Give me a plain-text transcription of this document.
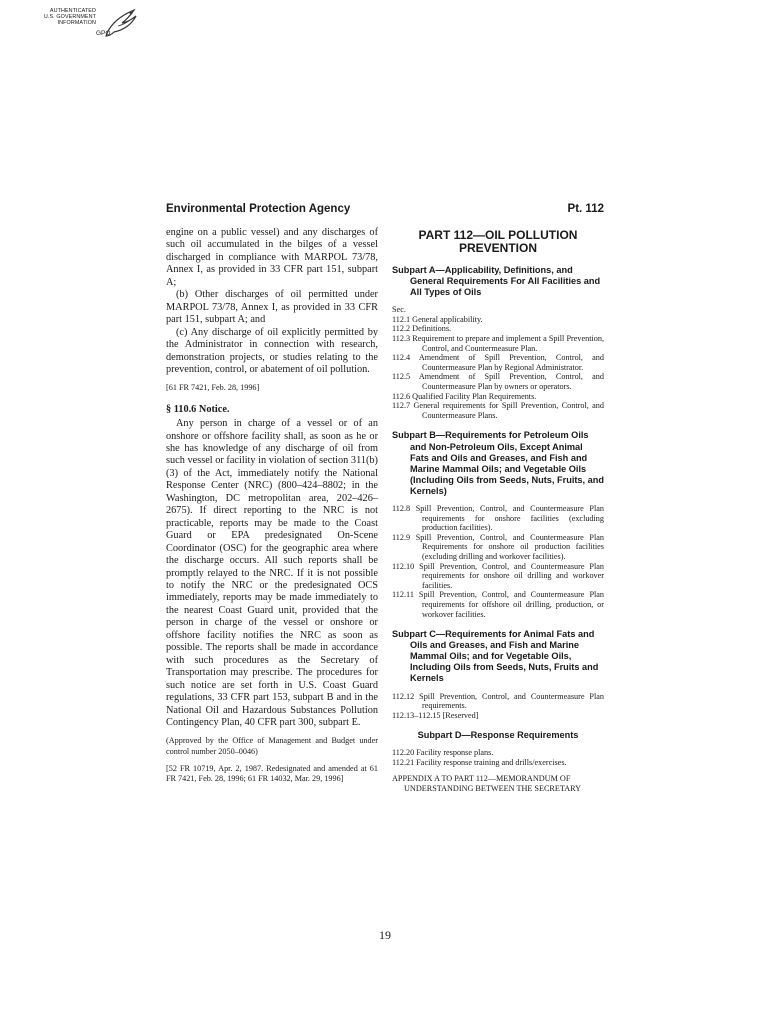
AUTHENTICATED
U.S. GOVERNMENT
INFORMATION
GPO
Environmental Protection Agency	Pt. 112

engine on a public vessel) and any discharges of such oil accumulated in the bilges of a vessel discharged in compliance with MARPOL 73/78, Annex I, as provided in 33 CFR part 151, subpart A;

(b) Other discharges of oil permitted under MARPOL 73/78, Annex I, as provided in 33 CFR part 151, subpart A; and

(c) Any discharge of oil explicitly permitted by the Administrator in connection with research, demonstration projects, or studies relating to the prevention, control, or abatement of oil pollution.

[61 FR 7421, Feb. 28, 1996]

§ 110.6 Notice.

Any person in charge of a vessel or of an onshore or offshore facility shall, as soon as he or she has knowledge of any discharge of oil from such vessel or facility in violation of section 311(b)(3) of the Act, immediately notify the National Response Center (NRC) (800–424–8802; in the Washington, DC metropolitan area, 202–426–2675). If direct reporting to the NRC is not practicable, reports may be made to the Coast Guard or EPA predesignated On-Scene Coordinator (OSC) for the geographic area where the discharge occurs. All such reports shall be promptly relayed to the NRC. If it is not possible to notify the NRC or the predesignated OCS immediately, reports may be made immediately to the nearest Coast Guard unit, provided that the person in charge of the vessel or onshore or offshore facility notifies the NRC as soon as possible. The reports shall be made in accordance with such procedures as the Secretary of Transportation may prescribe. The procedures for such notice are set forth in U.S. Coast Guard regulations, 33 CFR part 153, subpart B and in the National Oil and Hazardous Substances Pollution Contingency Plan, 40 CFR part 300, subpart E.

(Approved by the Office of Management and Budget under control number 2050–0046)

[52 FR 10719, Apr. 2, 1987. Redesignated and amended at 61 FR 7421, Feb. 28, 1996; 61 FR 14032, Mar. 29, 1996]

PART 112—OIL POLLUTION
PREVENTION
Subpart A—Applicability, Definitions, and General Requirements For All Facilities and All Types of Oils
Sec.
112.1 General applicability.
112.2 Definitions.
112.3 Requirement to prepare and implement a Spill Prevention, Control, and Countermeasure Plan.
112.4 Amendment of Spill Prevention, Control, and Countermeasure Plan by Regional Administrator.
112.5 Amendment of Spill Prevention, Control, and Countermeasure Plan by owners or operators.
112.6 Qualified Facility Plan Requirements.
112.7 General requirements for Spill Prevention, Control, and Countermeasure Plans.
Subpart B—Requirements for Petroleum Oils and Non-Petroleum Oils, Except Animal Fats and Oils and Greases, and Fish and Marine Mammal Oils; and Vegetable Oils (Including Oils from Seeds, Nuts, Fruits, and Kernels)
112.8 Spill Prevention, Control, and Countermeasure Plan requirements for onshore facilities (excluding production facilities).
112.9 Spill Prevention, Control, and Countermeasure Plan Requirements for onshore oil production facilities (excluding drilling and workover facilities).
112.10 Spill Prevention, Control, and Countermeasure Plan requirements for onshore oil drilling and workover facilities.
112.11 Spill Prevention, Control, and Countermeasure Plan requirements for offshore oil drilling, production, or workover facilities.
Subpart C—Requirements for Animal Fats and Oils and Greases, and Fish and Marine Mammal Oils; and for Vegetable Oils, Including Oils from Seeds, Nuts, Fruits and Kernels
112.12 Spill Prevention, Control, and Countermeasure Plan requirements.
112.13–112.15 [Reserved]
Subpart D—Response Requirements
112.20 Facility response plans.
112.21 Facility response training and drills/exercises.
APPENDIX A TO PART 112—MEMORANDUM OF UNDERSTANDING BETWEEN THE SECRETARY
19
